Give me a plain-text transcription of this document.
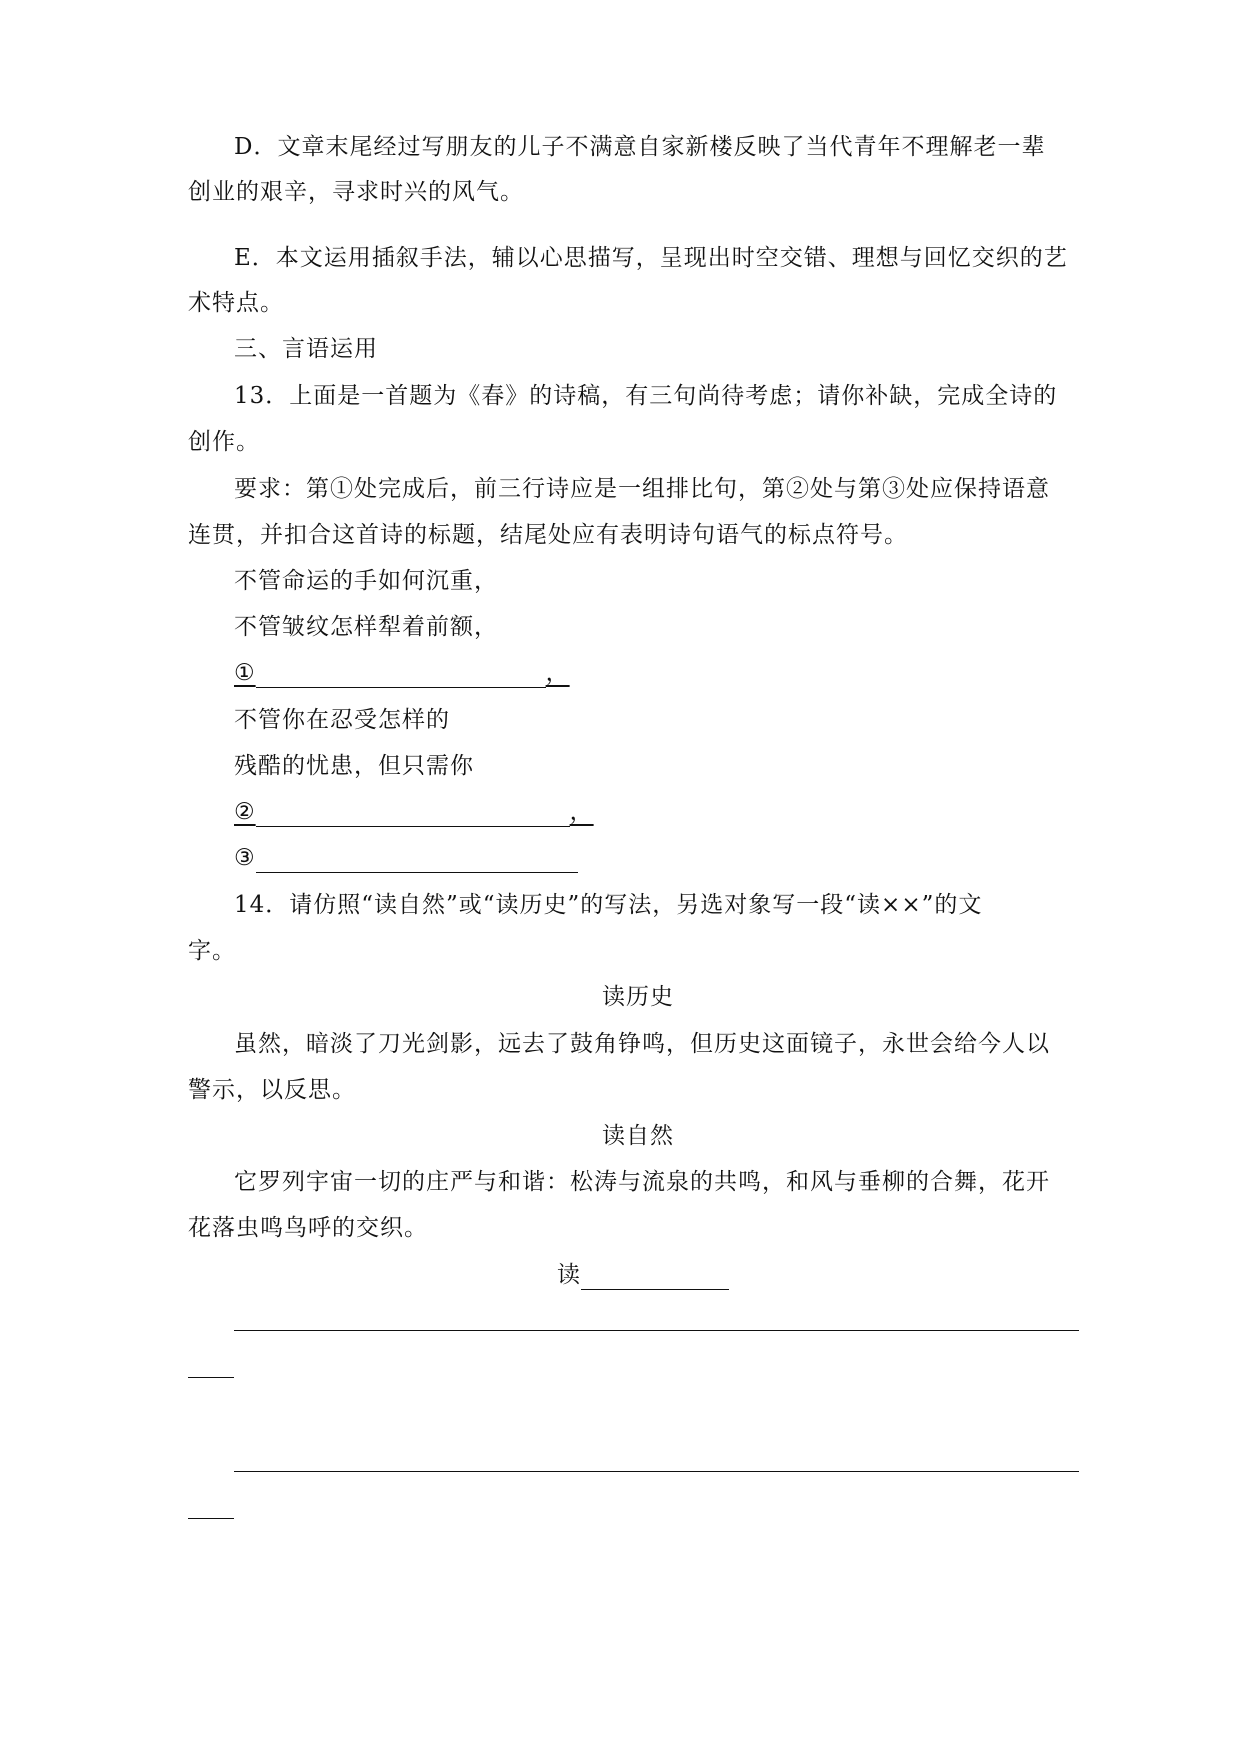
D．文章末尾经过写朋友的儿子不满意自家新楼反映了当代青年不理解老一辈
创业的艰辛，寻求时兴的风气。
E．本文运用插叙手法，辅以心思描写，呈现出时空交错、理想与回忆交织的艺
术特点。
三、言语运用
13．上面是一首题为《春》的诗稿，有三句尚待考虑；请你补缺，完成全诗的
创作。
要求：第①处完成后，前三行诗应是一组排比句，第②处与第③处应保持语意
连贯，并扣合这首诗的标题，结尾处应有表明诗句语气的标点符号。
不管命运的手如何沉重，
不管皱纹怎样犁着前额，
①	，
不管你在忍受怎样的
残酷的忧患，但只需你
②	，
③
14．请仿照“读自然”或“读历史”的写法，另选对象写一段“读××”的文
字。
读历史
虽然，暗淡了刀光剑影，远去了鼓角铮鸣，但历史这面镜子，永世会给今人以
警示，以反思。
读自然
它罗列宇宙一切的庄严与和谐：松涛与流泉的共鸣，和风与垂柳的合舞，花开
花落虫鸣鸟呼的交织。
读
